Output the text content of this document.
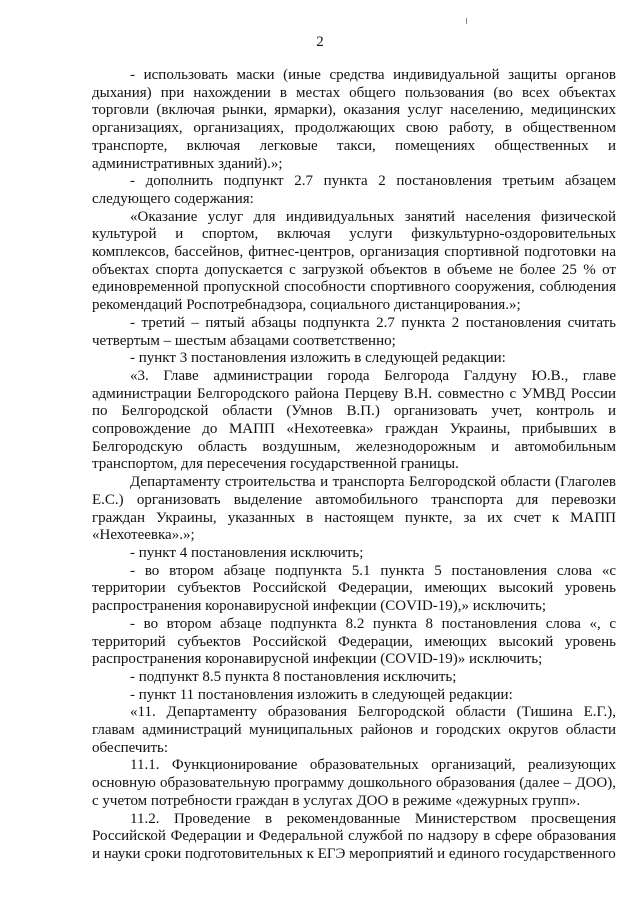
2

- использовать маски (иные средства индивидуальной защиты органов дыхания) при нахождении в местах общего пользования (во всех объектах торговли (включая рынки, ярмарки), оказания услуг населению, медицинских организациях, организациях, продолжающих свою работу, в общественном транспорте, включая легковые такси, помещениях общественных и административных зданий).»;

- дополнить подпункт 2.7 пункта 2 постановления третьим абзацем следующего содержания:

«Оказание услуг для индивидуальных занятий населения физической культурой и спортом, включая услуги физкультурно-оздоровительных комплексов, бассейнов, фитнес-центров, организация спортивной подготовки на объектах спорта допускается с загрузкой объектов в объеме не более 25 % от единовременной пропускной способности спортивного сооружения, соблюдения рекомендаций Роспотребнадзора, социального дистанцирования.»;

- третий – пятый абзацы подпункта 2.7 пункта 2 постановления считать четвертым – шестым абзацами соответственно;

- пункт 3 постановления изложить в следующей редакции:

«3. Главе администрации города Белгорода Галдуну Ю.В., главе администрации Белгородского района Перцеву В.Н. совместно с УМВД России по Белгородской области (Умнов В.П.) организовать учет, контроль и сопровождение до МАПП «Нехотеевка» граждан Украины, прибывших в Белгородскую область воздушным, железнодорожным и автомобильным транспортом, для пересечения государственной границы.

Департаменту строительства и транспорта Белгородской области (Глаголев Е.С.) организовать выделение автомобильного транспорта для перевозки граждан Украины, указанных в настоящем пункте, за их счет к МАПП «Нехотеевка».»;

- пункт 4 постановления исключить;

- во втором абзаце подпункта 5.1 пункта 5 постановления слова «с территории субъектов Российской Федерации, имеющих высокий уровень распространения коронавирусной инфекции (COVID-19),» исключить;

- во втором абзаце подпункта 8.2 пункта 8 постановления слова «, с территорий субъектов Российской Федерации, имеющих высокий уровень распространения коронавирусной инфекции (COVID-19)» исключить;

- подпункт 8.5 пункта 8 постановления исключить;

- пункт 11 постановления изложить в следующей редакции:

«11. Департаменту образования Белгородской области (Тишина Е.Г.), главам администраций муниципальных районов и городских округов области обеспечить:

11.1. Функционирование образовательных организаций, реализующих основную образовательную программу дошкольного образования (далее – ДОО), с учетом потребности граждан в услугах ДОО в режиме «дежурных групп».

11.2. Проведение в рекомендованные Министерством просвещения Российской Федерации и Федеральной службой по надзору в сфере образования и науки сроки подготовительных к ЕГЭ мероприятий и единого государственного
